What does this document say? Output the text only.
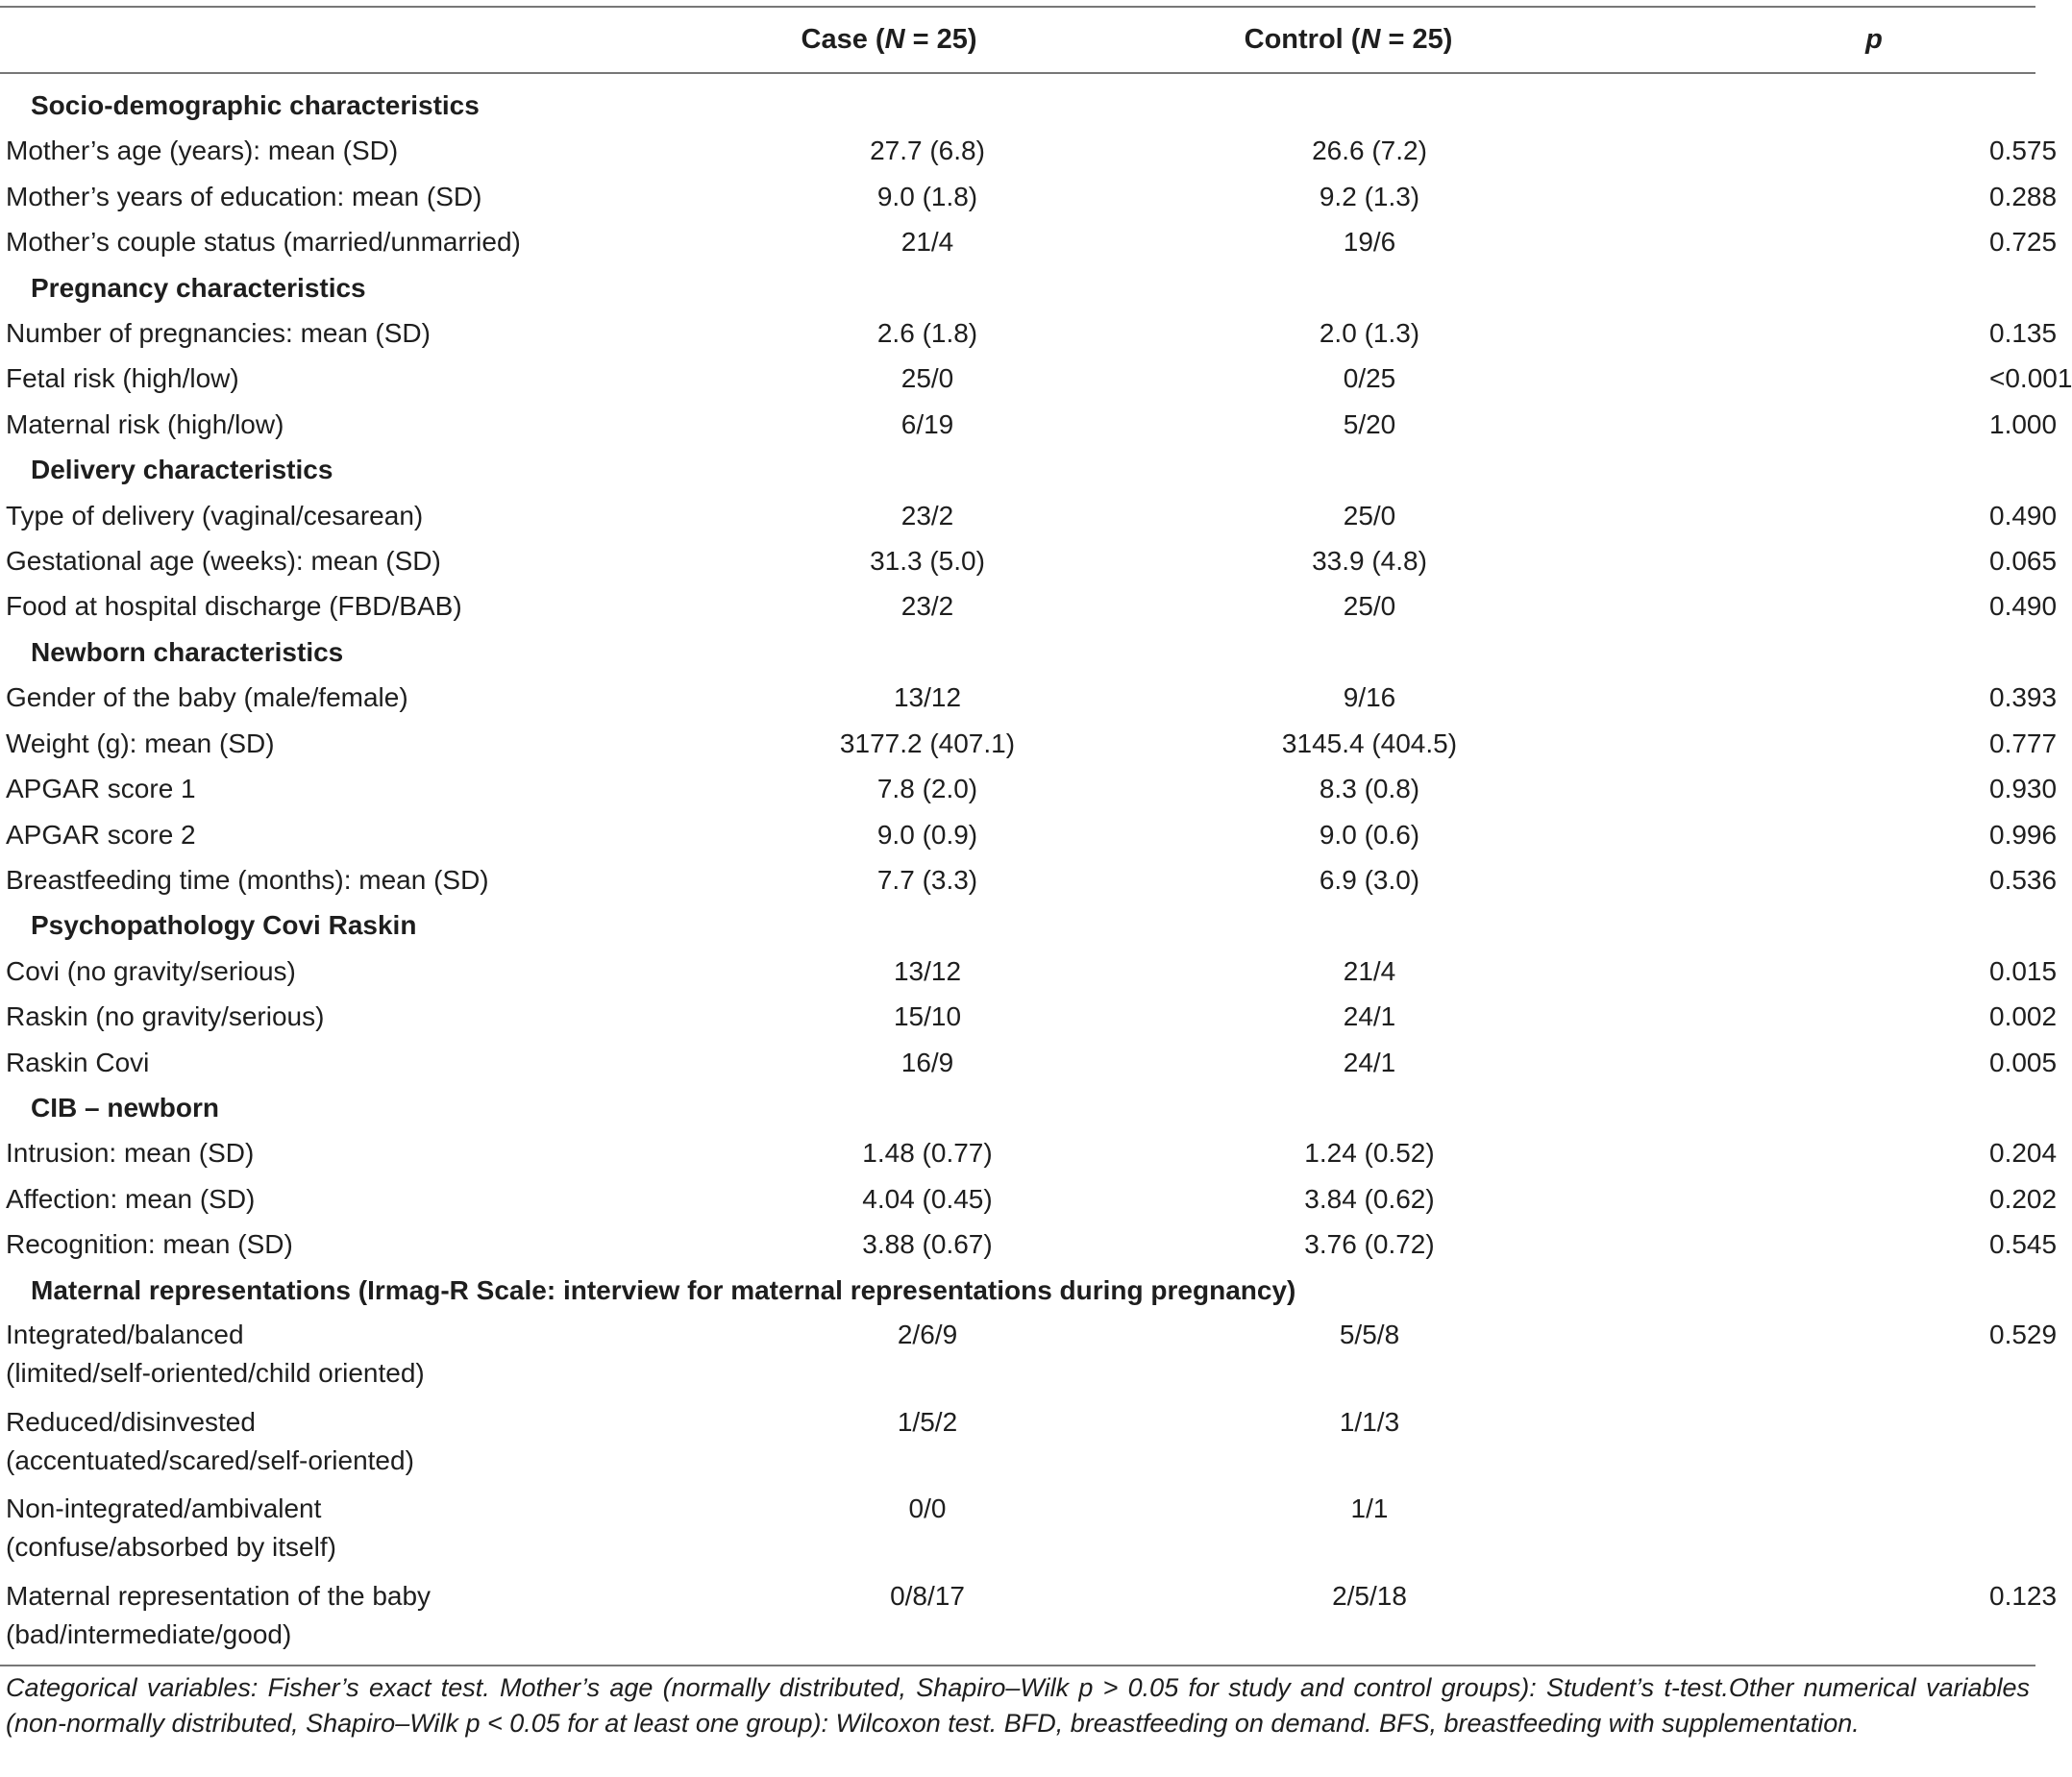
Case (N = 25)	Control (N = 25)	p
Socio-demographic characteristics			

Mother’s age (years): mean (SD)	27.7 (6.8)	26.6 (7.2)	0.575

Mother’s years of education: mean (SD)	9.0 (1.8)	9.2 (1.3)	0.288

Mother’s couple status (married/unmarried)	21/4	19/6	0.725
Pregnancy characteristics			

Number of pregnancies: mean (SD)	2.6 (1.8)	2.0 (1.3)	0.135

Fetal risk (high/low)	25/0	0/25	<0.001

Maternal risk (high/low)	6/19	5/20	1.000
Delivery characteristics			

Type of delivery (vaginal/cesarean)	23/2	25/0	0.490

Gestational age (weeks): mean (SD)	31.3 (5.0)	33.9 (4.8)	0.065

Food at hospital discharge (FBD/BAB)	23/2	25/0	0.490
Newborn characteristics			

Gender of the baby (male/female)	13/12	9/16	0.393

Weight (g): mean (SD)	3177.2 (407.1)	3145.4 (404.5)	0.777

APGAR score 1	7.8 (2.0)	8.3 (0.8)	0.930

APGAR score 2	9.0 (0.9)	9.0 (0.6)	0.996

Breastfeeding time (months): mean (SD)	7.7 (3.3)	6.9 (3.0)	0.536
Psychopathology Covi Raskin			

Covi (no gravity/serious)	13/12	21/4	0.015

Raskin (no gravity/serious)	15/10	24/1	0.002

Raskin Covi	16/9	24/1	0.005
CIB – newborn			

Intrusion: mean (SD)	1.48 (0.77)	1.24 (0.52)	0.204

Affection: mean (SD)	4.04 (0.45)	3.84 (0.62)	0.202

Recognition: mean (SD)	3.88 (0.67)	3.76 (0.72)	0.545
Maternal representations (Irmag-R Scale: interview for maternal representations during pregnancy)			

Integrated/balanced
(limited/self-oriented/child oriented)	2/6/9	5/5/8	0.529

Reduced/disinvested
(accentuated/scared/self-oriented)	1/5/2	1/1/3	

Non-integrated/ambivalent
(confuse/absorbed by itself)	0/0	1/1	

Maternal representation of the baby
(bad/intermediate/good)	0/8/17	2/5/18	0.123
Categorical variables: Fisher’s exact test. Mother’s age (normally distributed, Shapiro–Wilk p > 0.05 for study and control groups): Student’s t-test.Other numerical variables (non-normally distributed, Shapiro–Wilk p < 0.05 for at least one group): Wilcoxon test. BFD, breastfeeding on demand. BFS, breastfeeding with supplementation.
